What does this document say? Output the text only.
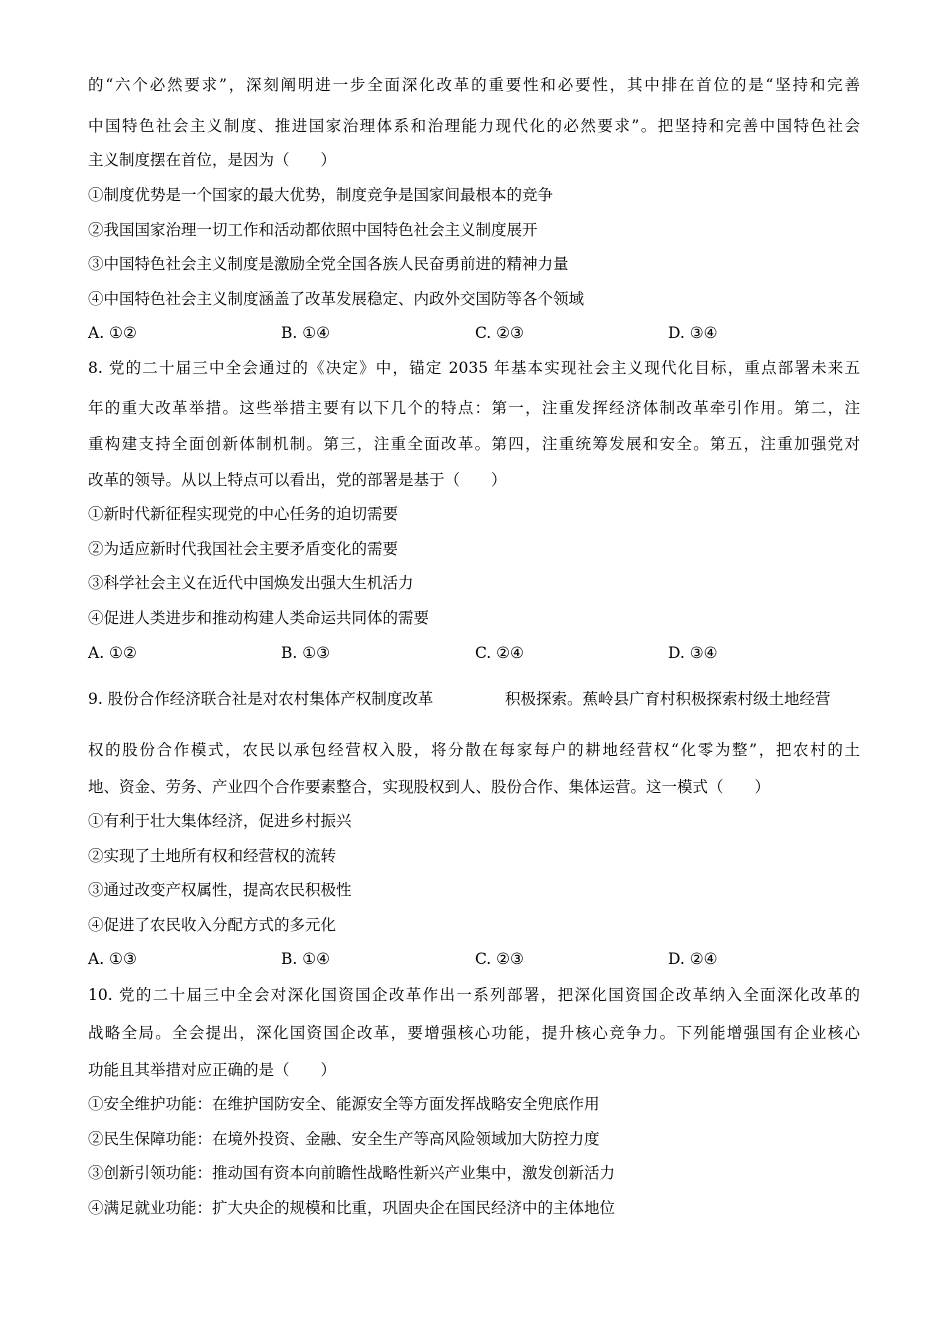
的“六个必然要求”，深刻阐明进一步全面深化改革的重要性和必要性，其中排在首位的是“坚持和完善
中国特色社会主义制度、推进国家治理体系和治理能力现代化的必然要求”。把坚持和完善中国特色社会
主义制度摆在首位，是因为（　　）
①制度优势是一个国家的最大优势，制度竞争是国家间最根本的竞争
②我国国家治理一切工作和活动都依照中国特色社会主义制度展开
③中国特色社会主义制度是激励全党全国各族人民奋勇前进的精神力量
④中国特色社会主义制度涵盖了改革发展稳定、内政外交国防等各个领域
A. ①②	B. ①④	C. ②③	D. ③④
8. 党的二十届三中全会通过的《决定》中，锚定 2035 年基本实现社会主义现代化目标，重点部署未来五
年的重大改革举措。这些举措主要有以下几个的特点：第一，注重发挥经济体制改革牵引作用。第二，注
重构建支持全面创新体制机制。第三，注重全面改革。第四，注重统筹发展和安全。第五，注重加强党对
改革的领导。从以上特点可以看出，党的部署是基于（　　）
①新时代新征程实现党的中心任务的迫切需要
②为适应新时代我国社会主要矛盾变化的需要
③科学社会主义在近代中国焕发出强大生机活力
④促进人类进步和推动构建人类命运共同体的需要
A. ①②	B. ①③	C. ②④	D. ③④
9. 股份合作经济联合社是对农村集体产权制度改革	积极探索。蕉岭县广育村积极探索村级土地经营
权的股份合作模式，农民以承包经营权入股，将分散在每家每户的耕地经营权“化零为整”，把农村的土
地、资金、劳务、产业四个合作要素整合，实现股权到人、股份合作、集体运营。这一模式（　　）
①有利于壮大集体经济，促进乡村振兴
②实现了土地所有权和经营权的流转
③通过改变产权属性，提高农民积极性
④促进了农民收入分配方式的多元化
A. ①③	B. ①④	C. ②③	D. ②④
10. 党的二十届三中全会对深化国资国企改革作出一系列部署，把深化国资国企改革纳入全面深化改革的
战略全局。全会提出，深化国资国企改革，要增强核心功能，提升核心竞争力。下列能增强国有企业核心
功能且其举措对应正确的是（　　）
①安全维护功能：在维护国防安全、能源安全等方面发挥战略安全兜底作用
②民生保障功能：在境外投资、金融、安全生产等高风险领域加大防控力度
③创新引领功能：推动国有资本向前瞻性战略性新兴产业集中，激发创新活力
④满足就业功能：扩大央企的规模和比重，巩固央企在国民经济中的主体地位
